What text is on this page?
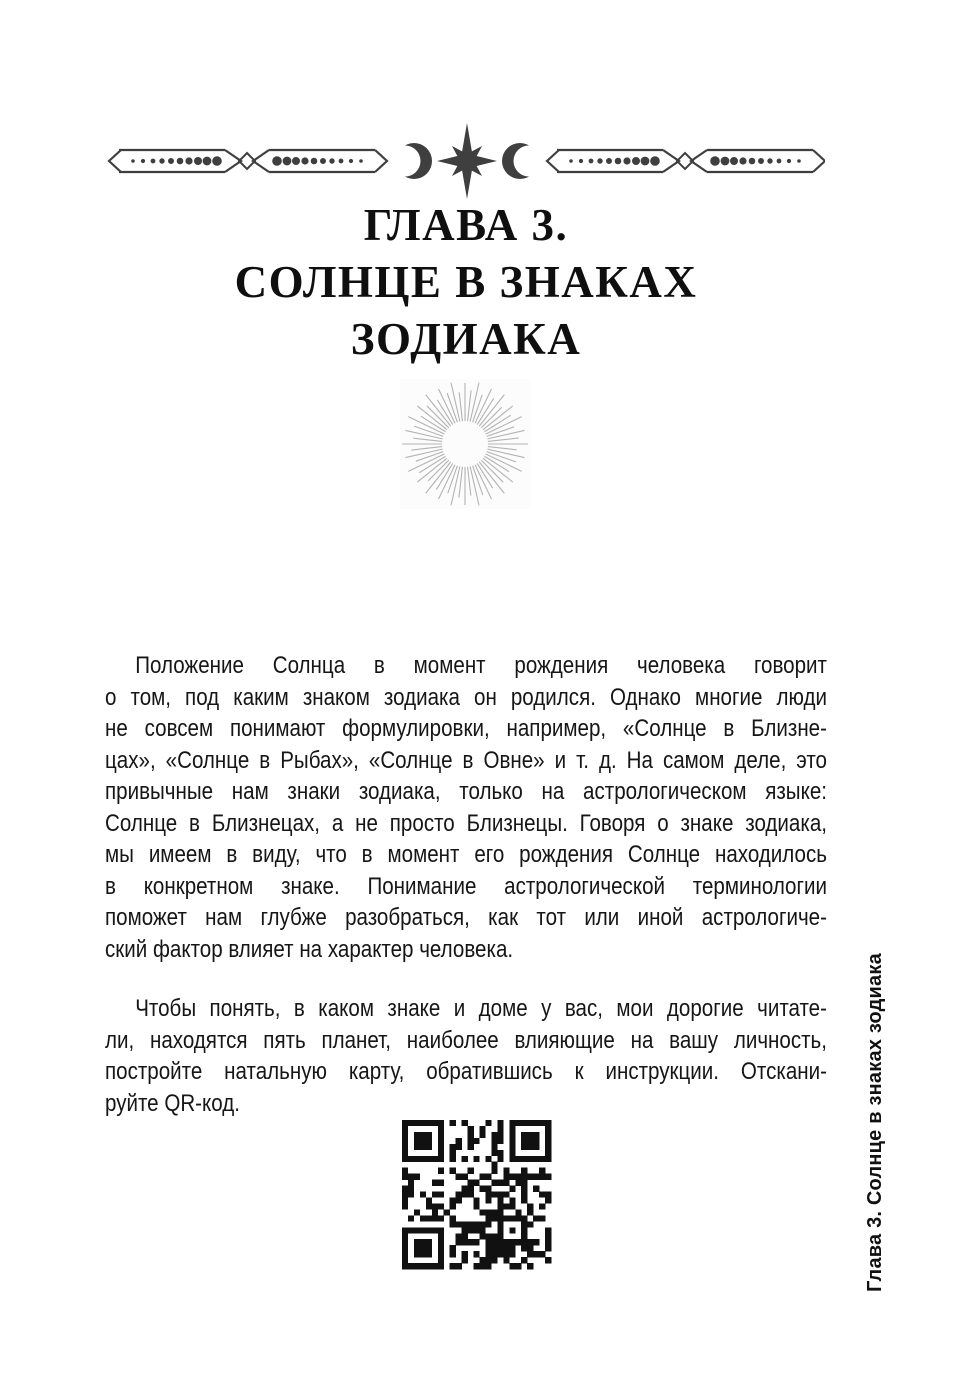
ГЛАВА 3.
СОЛНЦЕ В ЗНАКАХ
ЗОДИАКА
Положение Солнца в момент рождения человека говорит
о том, под каким знаком зодиака он родился. Однако многие люди
не совсем понимают формулировки, например, «Солнце в Близне-
цах», «Солнце в Рыбах», «Солнце в Овне» и т. д. На самом деле, это
привычные нам знаки зодиака, только на астрологическом языке:
Солнце в Близнецах, а не просто Близнецы. Говоря о знаке зодиака,
мы имеем в виду, что в момент его рождения Солнце находилось
в конкретном знаке. Понимание астрологической терминологии
поможет нам глубже разобраться, как тот или иной астрологиче-
ский фактор влияет на характер человека.
Чтобы понять, в каком знаке и доме у вас, мои дорогие читате-
ли, находятся пять планет, наиболее влияющие на вашу личность,
постройте натальную карту, обратившись к инструкции. Отскани-
руйте QR-код.	Глава 3. Солнце в знаках зодиака
